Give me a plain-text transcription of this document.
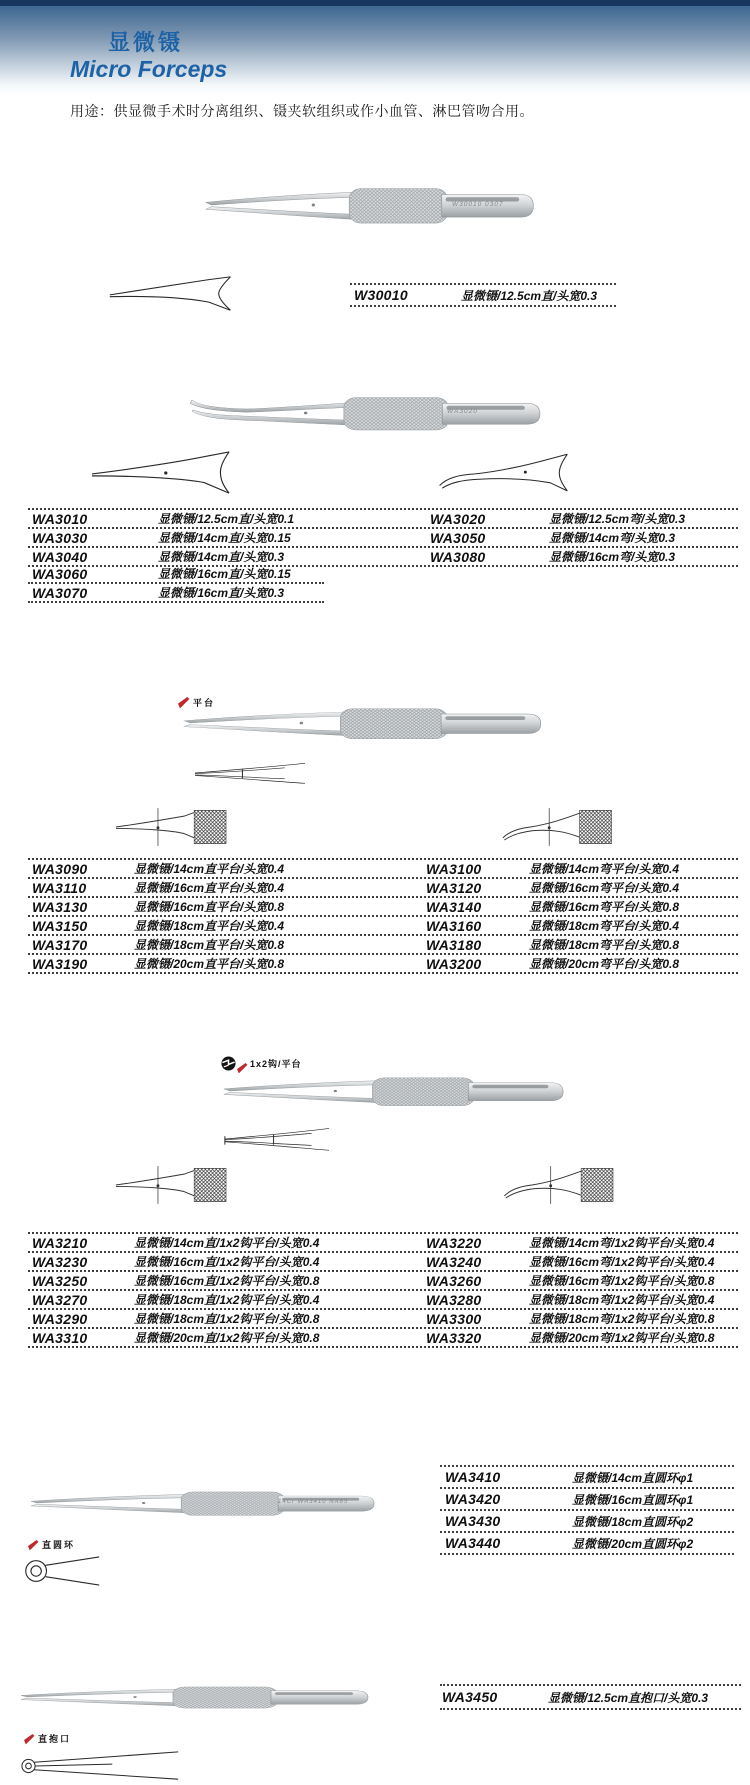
显微镊
Micro Forceps
用途：供显微手术时分离组织、镊夹软组织或作小血管、淋巴管吻合用。
W30010 0307
W30010	显微镊/12.5cm直/头宽0.3
WA3020
WA3010	显微镊/12.5cm直/头宽0.1	WA3020	显微镊/12.5cm弯/头宽0.3
WA3030	显微镊/14cm直/头宽0.15	WA3050	显微镊/14cm弯/头宽0.3
WA3040	显微镊/14cm直/头宽0.3	WA3080	显微镊/16cm弯/头宽0.3
WA3060	显微镊/16cm直/头宽0.15
WA3070	显微镊/16cm直/头宽0.3
平台
WA3090	显微镊/14cm直平台/头宽0.4	WA3100	显微镊/14cm弯平台/头宽0.4
WA3110	显微镊/16cm直平台/头宽0.4	WA3120	显微镊/16cm弯平台/头宽0.4
WA3130	显微镊/16cm直平台/头宽0.8	WA3140	显微镊/16cm弯平台/头宽0.8
WA3150	显微镊/18cm直平台/头宽0.4	WA3160	显微镊/18cm弯平台/头宽0.4
WA3170	显微镊/18cm直平台/头宽0.8	WA3180	显微镊/18cm弯平台/头宽0.8
WA3190	显微镊/20cm直平台/头宽0.8	WA3200	显微镊/20cm弯平台/头宽0.8
1x2钩/平台
WA3210	显微镊/14cm直/1x2钩平台/头宽0.4	WA3220	显微镊/14cm弯/1x2钩平台/头宽0.4
WA3230	显微镊/16cm直/1x2钩平台/头宽0.4	WA3240	显微镊/16cm弯/1x2钩平台/头宽0.4
WA3250	显微镊/16cm直/1x2钩平台/头宽0.8	WA3260	显微镊/16cm弯/1x2钩平台/头宽0.8
WA3270	显微镊/18cm直/1x2钩平台/头宽0.4	WA3280	显微镊/18cm弯/1x2钩平台/头宽0.4
WA3290	显微镊/18cm直/1x2钩平台/头宽0.8	WA3300	显微镊/18cm弯/1x2钩平台/头宽0.8
WA3310	显微镊/20cm直/1x2钩平台/头宽0.8	WA3320	显微镊/20cm弯/1x2钩平台/头宽0.8
WA3410	显微镊/14cm直圆环φ1
WA3420	显微镊/16cm直圆环φ1
WA3430	显微镊/18cm直圆环φ2
WA3440	显微镊/20cm直圆环φ2
14Cr WA3410 NA85
直圆环
WA3450	显微镊/12.5cm直抱口/头宽0.3
直抱口
